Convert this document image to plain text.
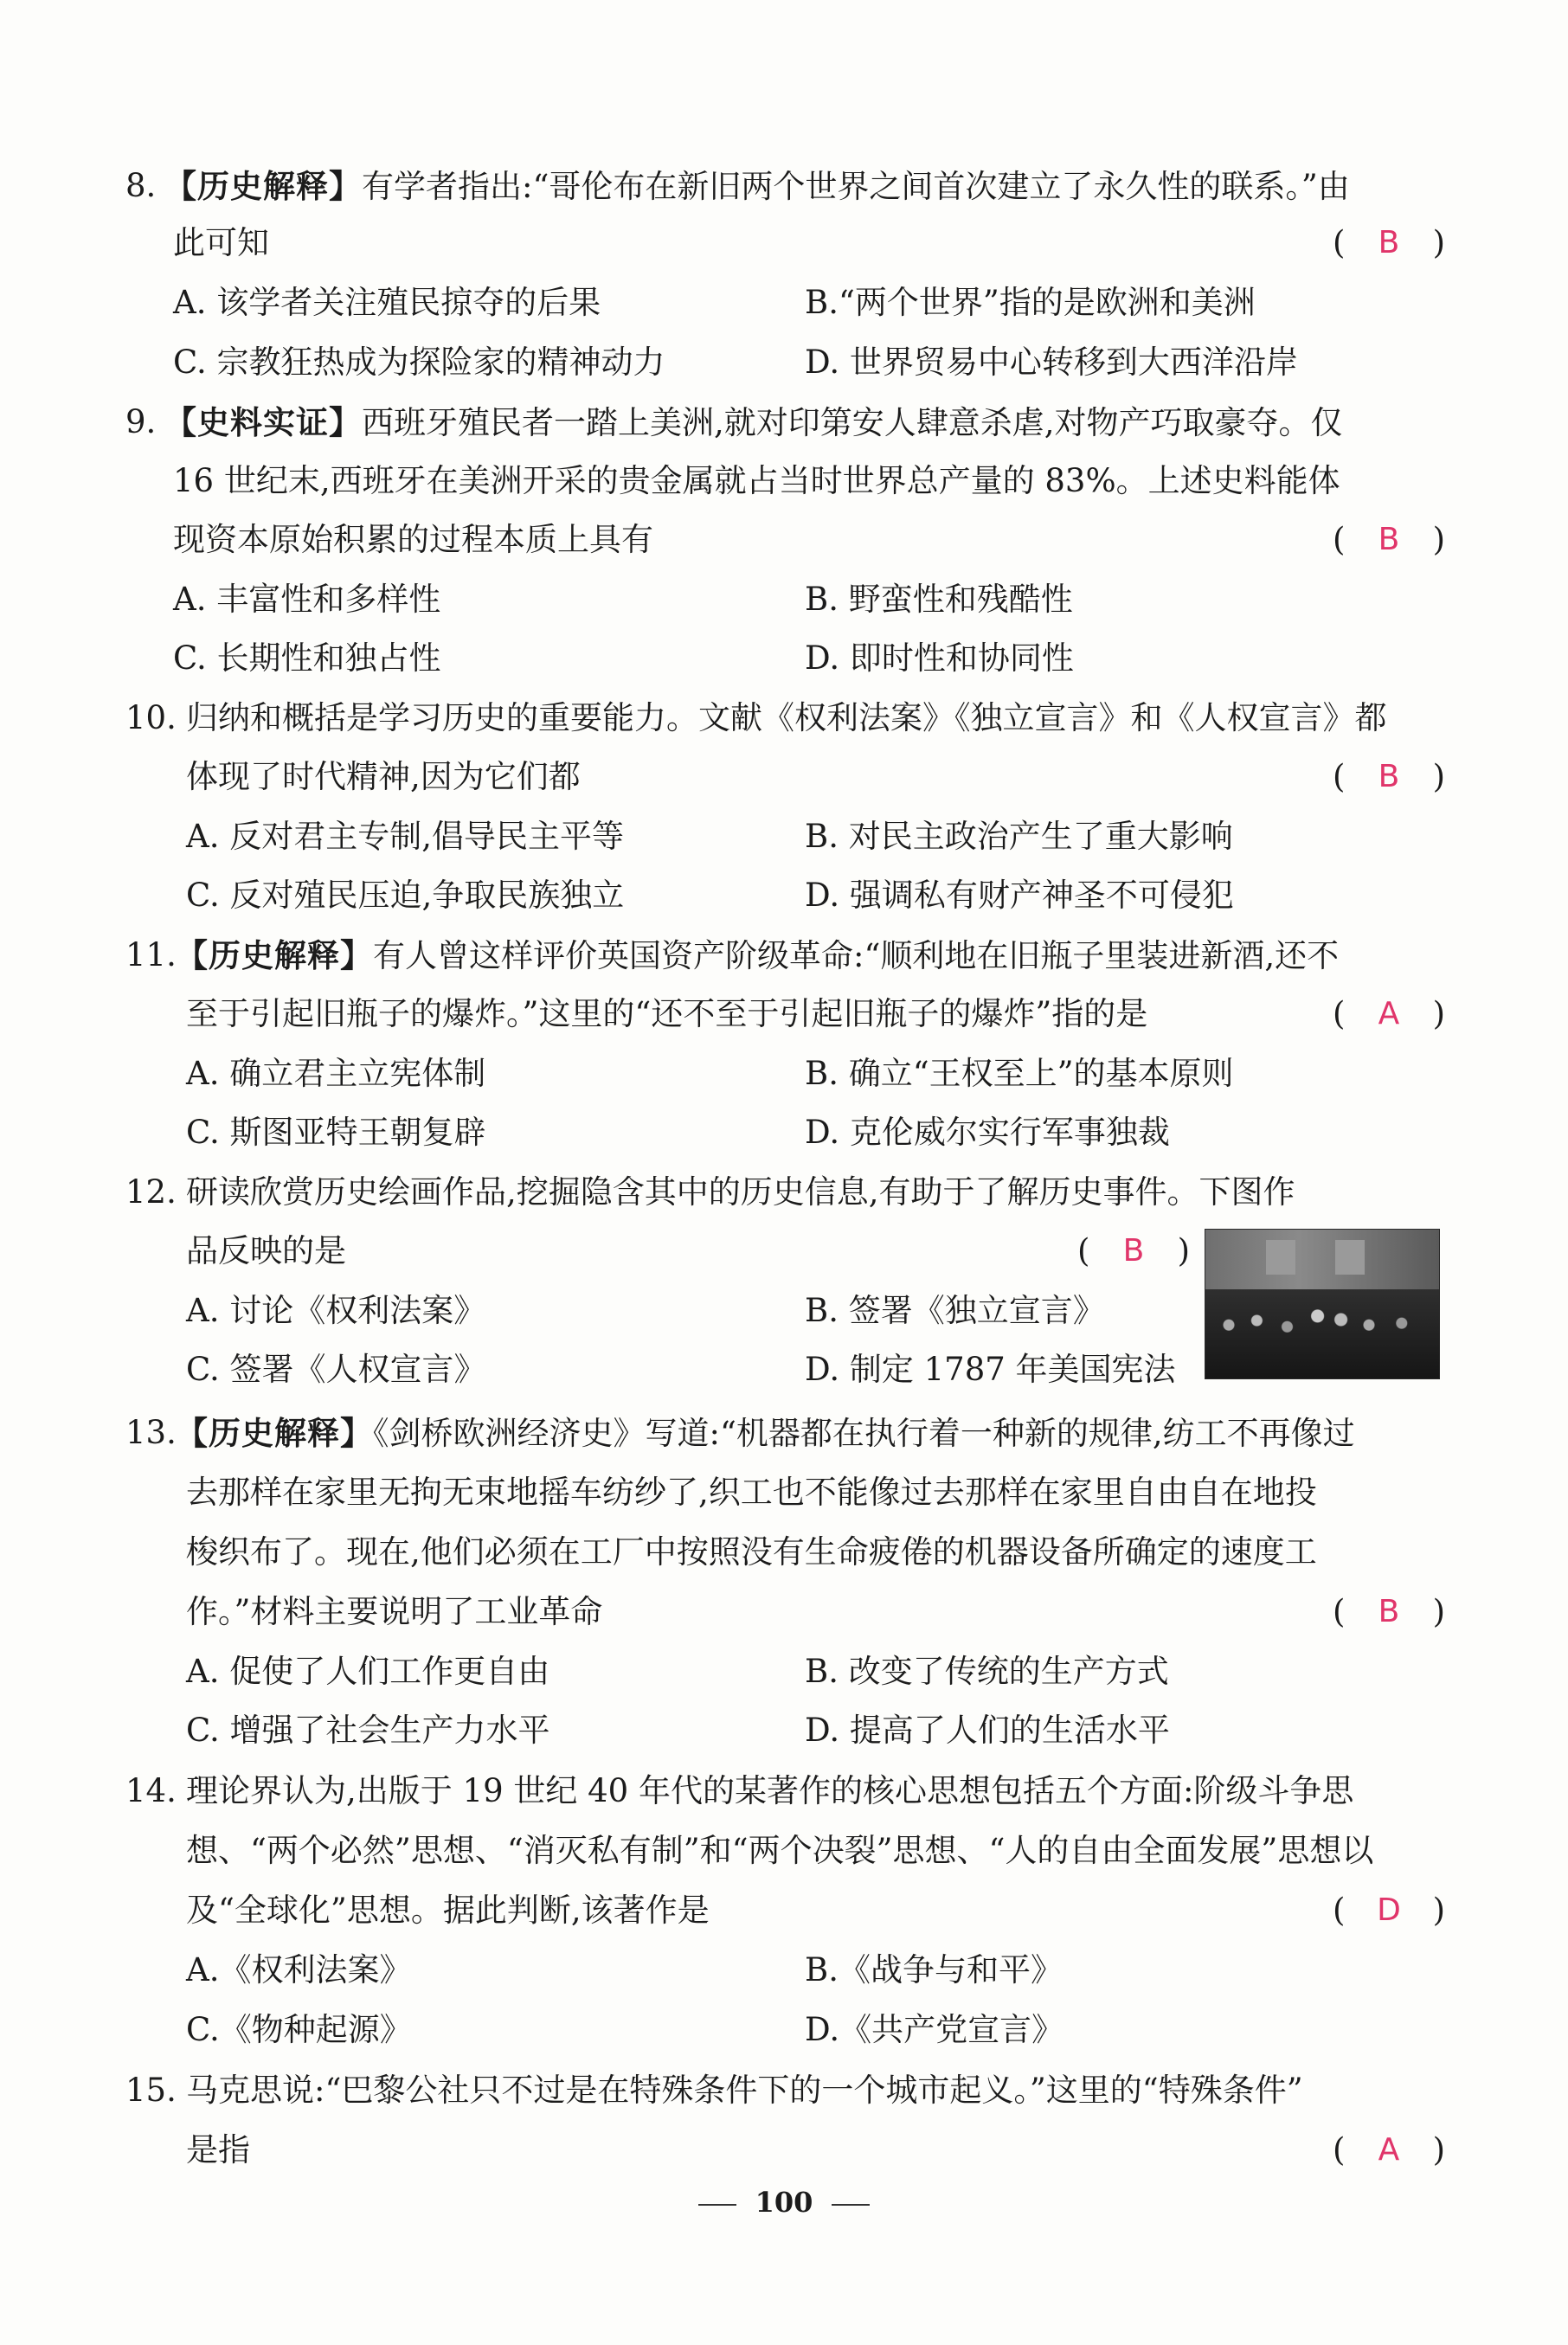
8. 【历史解释】有学者指出:“哥伦布在新旧两个世界之间首次建立了永久性的联系。”由
此可知	(	B	)
A. 该学者关注殖民掠夺的后果	B.“两个世界”指的是欧洲和美洲
C. 宗教狂热成为探险家的精神动力	D. 世界贸易中心转移到大西洋沿岸
9. 【史料实证】西班牙殖民者一踏上美洲,就对印第安人肆意杀虐,对物产巧取豪夺。仅
16 世纪末,西班牙在美洲开采的贵金属就占当时世界总产量的 83%。上述史料能体
现资本原始积累的过程本质上具有	(	B	)
A. 丰富性和多样性	B. 野蛮性和残酷性
C. 长期性和独占性	D. 即时性和协同性
10. 归纳和概括是学习历史的重要能力。文献《权利法案》《独立宣言》和《人权宣言》都
体现了时代精神,因为它们都	(	B	)
A. 反对君主专制,倡导民主平等	B. 对民主政治产生了重大影响
C. 反对殖民压迫,争取民族独立	D. 强调私有财产神圣不可侵犯
11. 【历史解释】有人曾这样评价英国资产阶级革命:“顺利地在旧瓶子里装进新酒,还不
至于引起旧瓶子的爆炸。”这里的“还不至于引起旧瓶子的爆炸”指的是	(	A	)
A. 确立君主立宪体制	B. 确立“王权至上”的基本原则
C. 斯图亚特王朝复辟	D. 克伦威尔实行军事独裁
12. 研读欣赏历史绘画作品,挖掘隐含其中的历史信息,有助于了解历史事件。下图作
品反映的是	(	B	)
A. 讨论《权利法案》	B. 签署《独立宣言》
C. 签署《人权宣言》	D. 制定 1787 年美国宪法
13. 【历史解释】《剑桥欧洲经济史》写道:“机器都在执行着一种新的规律,纺工不再像过
去那样在家里无拘无束地摇车纺纱了,织工也不能像过去那样在家里自由自在地投
梭织布了。现在,他们必须在工厂中按照没有生命疲倦的机器设备所确定的速度工
作。”材料主要说明了工业革命	(	B	)
A. 促使了人们工作更自由	B. 改变了传统的生产方式
C. 增强了社会生产力水平	D. 提高了人们的生活水平
14. 理论界认为,出版于 19 世纪 40 年代的某著作的核心思想包括五个方面:阶级斗争思
想、“两个必然”思想、“消灭私有制”和“两个决裂”思想、“人的自由全面发展”思想以
及“全球化”思想。据此判断,该著作是	(	D )
A.《权利法案》	B.《战争与和平》
C.《物种起源》	D.《共产党宣言》
15. 马克思说:“巴黎公社只不过是在特殊条件下的一个城市起义。”这里的“特殊条件”
是指	(	A	)
100
